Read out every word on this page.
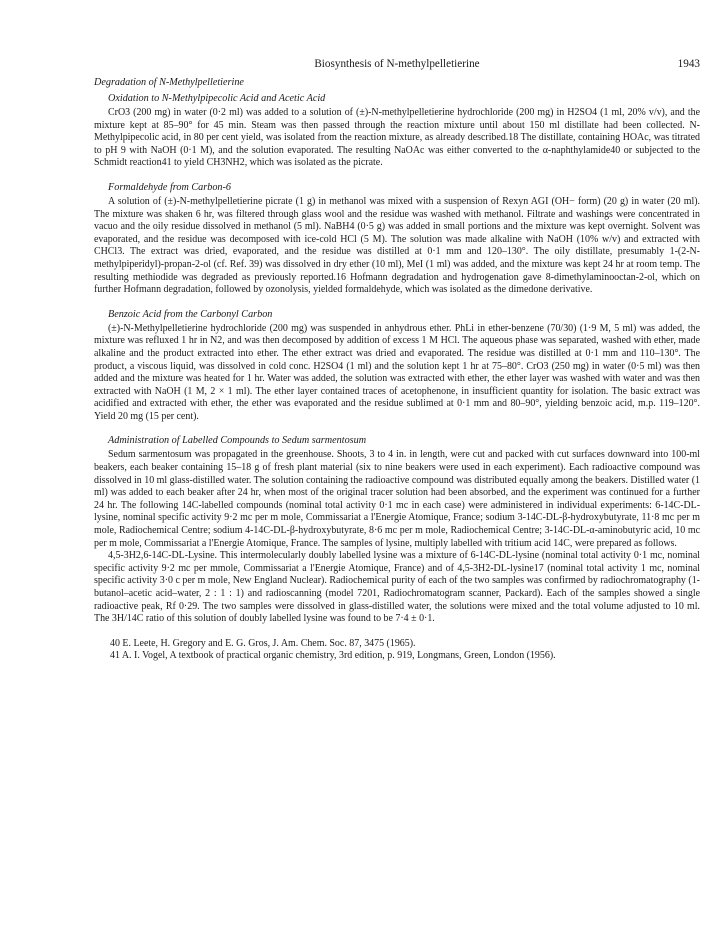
Biosynthesis of N-methylpelletierine	1943
Degradation of N-Methylpelletierine
Oxidation to N-Methylpipecolic Acid and Acetic Acid

CrO3 (200 mg) in water (0·2 ml) was added to a solution of (±)-N-methylpelletierine hydrochloride (200 mg) in H2SO4 (1 ml, 20% v/v), and the mixture kept at 85–90° for 45 min. Steam was then passed through the reaction mixture until about 150 ml distillate had been collected. N-Methylpipecolic acid, in 80 per cent yield, was isolated from the reaction mixture, as already described.18 The distillate, containing HOAc, was titrated to pH 9 with NaOH (0·1 M), and the solution evaporated. The resulting NaOAc was either converted to the α-naphthylamide40 or subjected to the Schmidt reaction41 to yield CH3NH2, which was isolated as the picrate.

Formaldehyde from Carbon-6

A solution of (±)-N-methylpelletierine picrate (1 g) in methanol was mixed with a suspension of Rexyn AGI (OH− form) (20 g) in water (20 ml). The mixture was shaken 6 hr, was filtered through glass wool and the residue was washed with methanol. Filtrate and washings were concentrated in vacuo and the oily residue dissolved in methanol (5 ml). NaBH4 (0·5 g) was added in small portions and the mixture was kept overnight. Solvent was evaporated, and the residue was decomposed with ice-cold HCl (5 M). The solution was made alkaline with NaOH (10% w/v) and extracted with CHCl3. The extract was dried, evaporated, and the residue was distilled at 0·1 mm and 120–130°. The oily distillate, presumably 1-(2-N-methylpiperidyl)-propan-2-ol (cf. Ref. 39) was dissolved in dry ether (10 ml), MeI (1 ml) was added, and the mixture was kept 24 hr at room temp. The resulting methiodide was degraded as previously reported.16 Hofmann degradation and hydrogenation gave 8-dimethylaminooctan-2-ol, which on further Hofmann degradation, followed by ozonolysis, yielded formaldehyde, which was isolated as the dimedone derivative.

Benzoic Acid from the Carbonyl Carbon

(±)-N-Methylpelletierine hydrochloride (200 mg) was suspended in anhydrous ether. PhLi in ether-benzene (70/30) (1·9 M, 5 ml) was added, the mixture was refluxed 1 hr in N2, and was then decomposed by addition of excess 1 M HCl. The aqueous phase was separated, washed with ether, made alkaline and the product extracted into ether. The ether extract was dried and evaporated. The residue was distilled at 0·1 mm and 110–130°. The product, a viscous liquid, was dissolved in cold conc. H2SO4 (1 ml) and the solution kept 1 hr at 75–80°. CrO3 (250 mg) in water (0·5 ml) was then added and the mixture was heated for 1 hr. Water was added, the solution was extracted with ether, the ether layer was washed with water and was then extracted with NaOH (1 M, 2 × 1 ml). The ether layer contained traces of acetophenone, in insufficient quantity for isolation. The basic extract was acidified and extracted with ether, the ether was evaporated and the residue sublimed at 0·1 mm and 80–90°, yielding benzoic acid, m.p. 119–120°. Yield 20 mg (15 per cent).

Administration of Labelled Compounds to Sedum sarmentosum

Sedum sarmentosum was propagated in the greenhouse. Shoots, 3 to 4 in. in length, were cut and packed with cut surfaces downward into 100-ml beakers, each beaker containing 15–18 g of fresh plant material (six to nine beakers were used in each experiment). Each radioactive compound was dissolved in 10 ml glass-distilled water. The solution containing the radioactive compound was distributed equally among the beakers. Distilled water (1 ml) was added to each beaker after 24 hr, when most of the original tracer solution had been absorbed, and the experiment was continued for a further 24 hr. The following 14C-labelled compounds (nominal total activity 0·1 mc in each case) were administered in individual experiments: 6-14C-DL-lysine, nominal specific activity 9·2 mc per m mole, Commissariat a l'Energie Atomique, France; sodium 3-14C-DL-β-hydroxybutyrate, 11·8 mc per m mole, Radiochemical Centre; sodium 4-14C-DL-β-hydroxybutyrate, 8·6 mc per m mole, Radiochemical Centre; 3-14C-DL-α-aminobutyric acid, 10 mc per m mole, Commissariat a l'Energie Atomique, France. The samples of lysine, multiply labelled with tritium acid 14C, were prepared as follows.

4,5-3H2,6-14C-DL-Lysine. This intermolecularly doubly labelled lysine was a mixture of 6-14C-DL-lysine (nominal total activity 0·1 mc, nominal specific activity 9·2 mc per mmole, Commissariat a l'Energie Atomique, France) and of 4,5-3H2-DL-lysine17 (nominal total activity 1 mc, nominal specific activity 3·0 c per m mole, New England Nuclear). Radiochemical purity of each of the two samples was confirmed by radiochromatography (1-butanol–acetic acid–water, 2 : 1 : 1) and radioscanning (model 7201, Radiochromatogram scanner, Packard). Each of the samples showed a single radioactive peak, Rf 0·29. The two samples were dissolved in glass-distilled water, the solutions were mixed and the total volume adjusted to 10 ml. The 3H/14C ratio of this solution of doubly labelled lysine was found to be 7·4 ± 0·1.

40 E. Leete, H. Gregory and E. G. Gros, J. Am. Chem. Soc. 87, 3475 (1965).

41 A. I. Vogel, A textbook of practical organic chemistry, 3rd edition, p. 919, Longmans, Green, London (1956).
